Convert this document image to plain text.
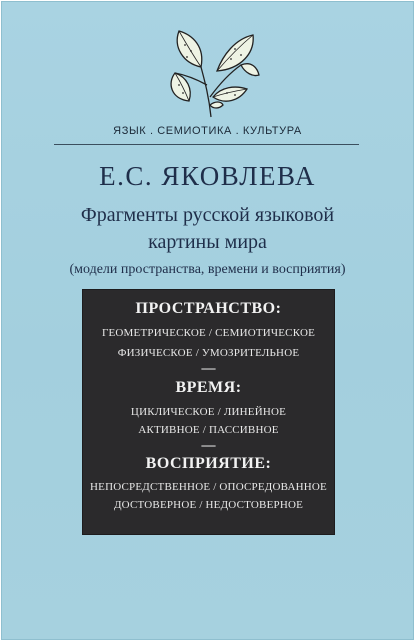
ЯЗЫК . СЕМИОТИКА . КУЛЬТУРА
Е.С. ЯКОВЛЕВА
Фрагменты русской языковой
картины мира
(модели пространства, времени и восприятия)
ПРОСТРАНСТВО:
ГЕОМЕТРИЧЕСКОЕ / СЕМИОТИЧЕСКОЕ
ФИЗИЧЕСКОЕ / УМОЗРИТЕЛЬНОЕ
—
ВРЕМЯ:
ЦИКЛИЧЕСКОЕ / ЛИНЕЙНОЕ
АКТИВНОЕ / ПАССИВНОЕ
—
ВОСПРИЯТИЕ:
НЕПОСРЕДСТВЕННОЕ / ОПОСРЕДОВАННОЕ
ДОСТОВЕРНОЕ / НЕДОСТОВЕРНОЕ
